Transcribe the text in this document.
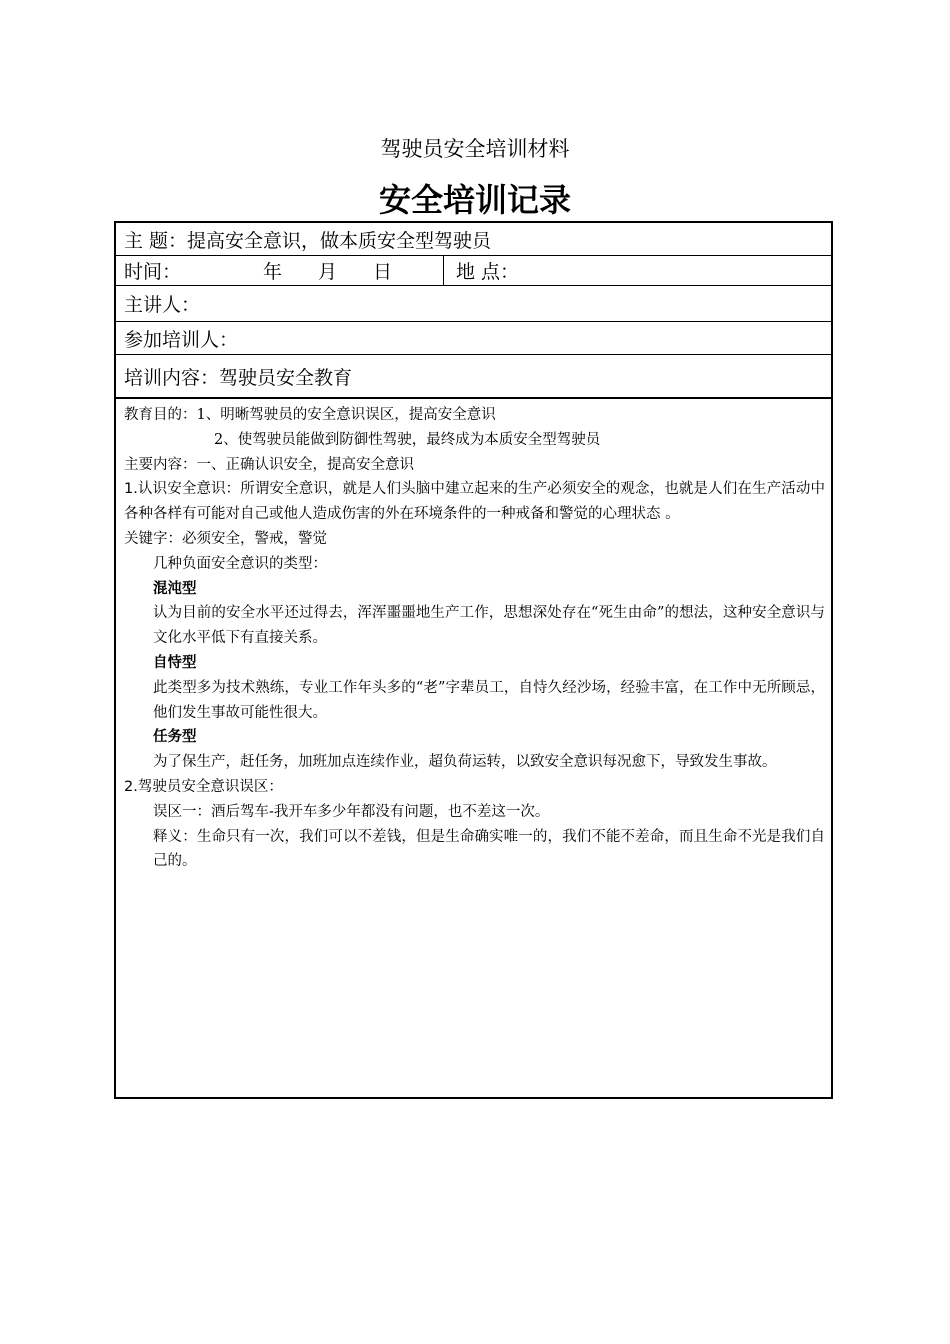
驾驶员安全培训材料
安全培训记录
主 题：提高安全意识，做本质安全型驾驶员
时间：	年 月 日	地 点：
主讲人：
参加培训人：
培训内容：驾驶员安全教育
教育目的：1、明晰驾驶员的安全意识误区，提高安全意识
2、使驾驶员能做到防御性驾驶，最终成为本质安全型驾驶员
主要内容：一、正确认识安全，提高安全意识
1.认识安全意识：所谓安全意识，就是人们头脑中建立起来的生产必须安全的观念，也就是人们在生产活动中各种各样有可能对自己或他人造成伤害的外在环境条件的一种戒备和警觉的心理状态 。
关键字：必须安全，警戒，警觉
几种负面安全意识的类型：
混沌型
认为目前的安全水平还过得去，浑浑噩噩地生产工作，思想深处存在“死生由命”的想法，这种安全意识与文化水平低下有直接关系。
自恃型
此类型多为技术熟练，专业工作年头多的“老”字辈员工，自恃久经沙场，经验丰富，在工作中无所顾忌，他们发生事故可能性很大。
任务型
为了保生产，赶任务，加班加点连续作业，超负荷运转，以致安全意识每况愈下，导致发生事故。
2.驾驶员安全意识误区：
误区一：酒后驾车-我开车多少年都没有问题，也不差这一次。
释义：生命只有一次，我们可以不差钱，但是生命确实唯一的，我们不能不差命，而且生命不光是我们自己的。
